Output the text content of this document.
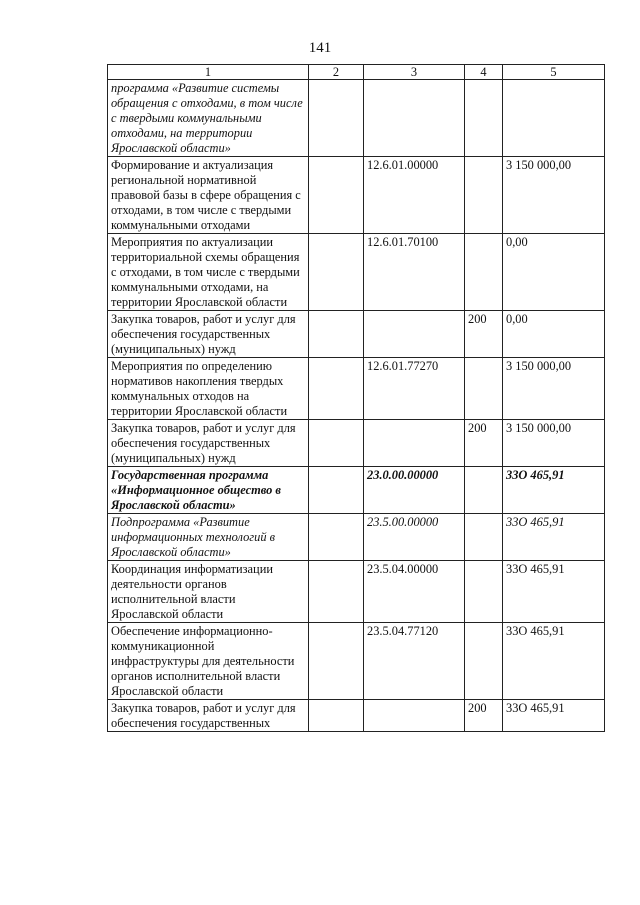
141
1	2	3	4	5
программа «Развитие системы обращения с отходами, в том числе с твердыми коммунальными отходами, на территории Ярославской области»				
Формирование и актуализация региональной нормативной правовой базы в сфере обращения с отходами, в том числе с твердыми коммунальными отходами		12.6.01.00000		3 150 000,00
Мероприятия по актуализации территориальной схемы обращения с отходами, в том числе с твердыми коммунальными отходами, на территории Ярославской области		12.6.01.70100		0,00
Закупка товаров, работ и услуг для обеспечения государственных (муниципальных) нужд			200	0,00
Мероприятия по определению нормативов накопления твердых коммунальных отходов на территории Ярославской области		12.6.01.77270		3 150 000,00
Закупка товаров, работ и услуг для обеспечения государственных (муниципальных) нужд			200	3 150 000,00
Государственная программа «Информационное общество в Ярославской области»		23.0.00.00000		33О 465,91
Подпрограмма «Развитие информационных технологий в Ярославской области»		23.5.00.00000		33О 465,91
Координация информатизации деятельности органов исполнительной власти Ярославской области		23.5.04.00000		33О 465,91
Обеспечение информационно-коммуникационной инфраструктуры для деятельности органов исполнительной власти Ярославской области		23.5.04.77120		33О 465,91
Закупка товаров, работ и услуг для обеспечения государственных			200	33О 465,91
